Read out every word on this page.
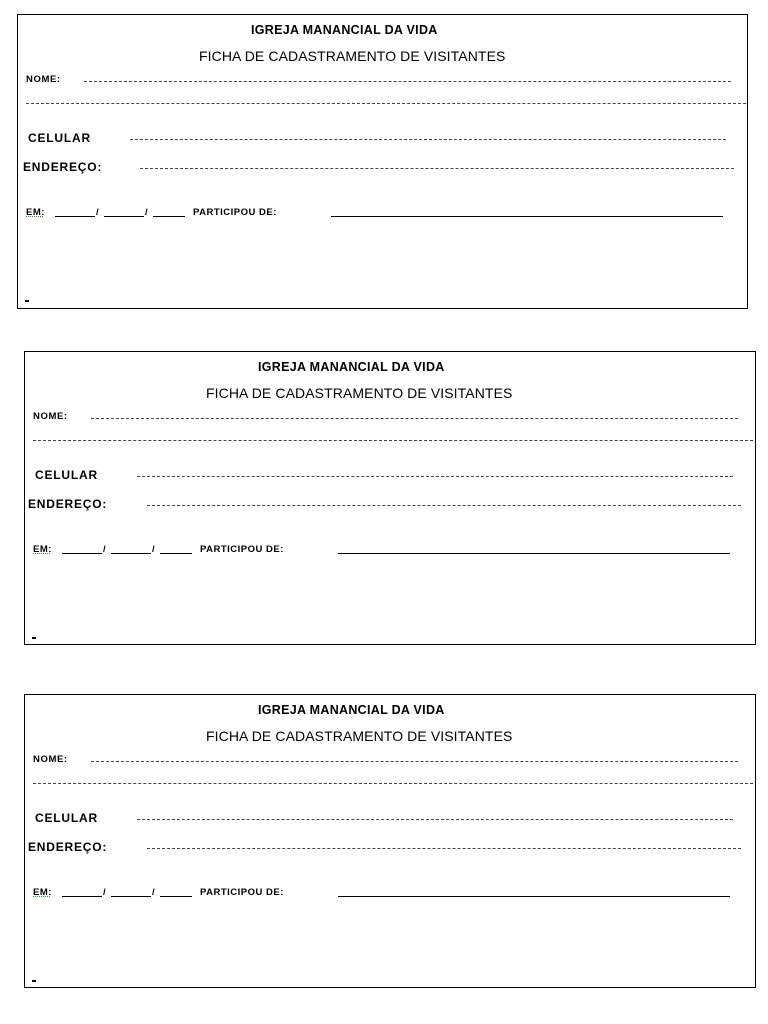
IGREJA MANANCIAL DA VIDA
FICHA DE CADASTRAMENTO DE VISITANTES
NOME:
CELULAR
ENDEREÇO:
EM:	/	/	PARTICIPOU DE:
IGREJA MANANCIAL DA VIDA
FICHA DE CADASTRAMENTO DE VISITANTES
NOME:
CELULAR
ENDEREÇO:
EM:	/	/	PARTICIPOU DE:
IGREJA MANANCIAL DA VIDA
FICHA DE CADASTRAMENTO DE VISITANTES
NOME:
CELULAR
ENDEREÇO:
EM:	/	/	PARTICIPOU DE:
